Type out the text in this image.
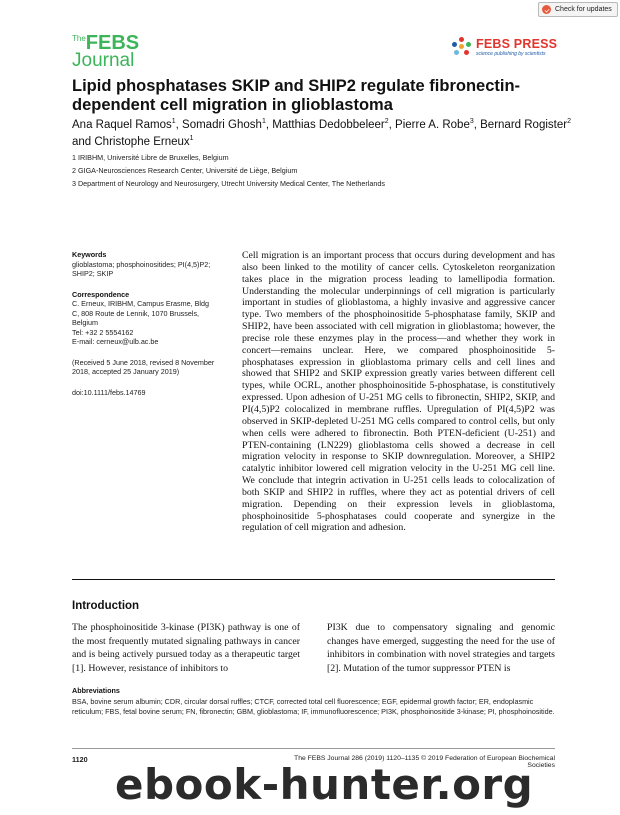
Check for updates
TheFEBS
Journal
FEBS PRESS
science publishing by scientists
Lipid phosphatases SKIP and SHIP2 regulate fibronectin-dependent cell migration in glioblastoma
Ana Raquel Ramos$^1$, Somadri Ghosh$^1$, Matthias Dedobbeleer$^2$, Pierre A. Robe$^3$, Bernard Rogister$^2$ and Christophe Erneux$^1$
1 IRIBHM, Université Libre de Bruxelles, Belgium
2 GIGA-Neurosciences Research Center, Université de Liège, Belgium
3 Department of Neurology and Neurosurgery, Utrecht University Medical Center, The Netherlands

Keywords

glioblastoma; phosphoinositides; PI(4,5)P2; SHIP2; SKIP

Correspondence

C. Erneux, IRIBHM, Campus Erasme, Bldg

C, 808 Route de Lennik, 1070 Brussels,

Belgium

Tel: +32 2 5554162

E-mail: cerneux@ulb.ac.be

(Received 5 June 2018, revised 8 November

2018, accepted 25 January 2019)

doi:10.1111/febs.14769

Cell migration is an important process that occurs during development and has also been linked to the motility of cancer cells. Cytoskeleton reorganization takes place in the migration process leading to lamellipodia formation. Understanding the molecular underpinnings of cell migration is particularly important in studies of glioblastoma, a highly invasive and aggressive cancer type. Two members of the phosphoinositide 5-phosphatase family, SKIP and SHIP2, have been associated with cell migration in glioblastoma; however, the precise role these enzymes play in the process—and whether they work in concert—remains unclear. Here, we compared phosphoinositide 5-phosphatases expression in glioblastoma primary cells and cell lines and showed that SHIP2 and SKIP expression greatly varies between different cell types, while OCRL, another phosphoinositide 5-phosphatase, is constitutively expressed. Upon adhesion of U-251 MG cells to fibronectin, SHIP2, SKIP, and PI(4,5)P2 colocalized in membrane ruffles. Upregulation of PI(4,5)P2 was observed in SKIP-depleted U-251 MG cells compared to control cells, but only when cells were adhered to fibronectin. Both PTEN-deficient (U-251) and PTEN-containing (LN229) glioblastoma cells showed a decrease in cell migration velocity in response to SKIP downregulation. Moreover, a SHIP2 catalytic inhibitor lowered cell migration velocity in the U-251 MG cell line. We conclude that integrin activation in U-251 cells leads to colocalization of both SKIP and SHIP2 in ruffles, where they act as potential drivers of cell migration. Depending on their expression levels in glioblastoma, phosphoinositide 5-phosphatases could cooperate and synergize in the regulation of cell migration and adhesion.
Introduction
The phosphoinositide 3-kinase (PI3K) pathway is one of the most frequently mutated signaling pathways in cancer and is being actively pursued today as a therapeutic target [1]. However, resistance of inhibitors to
PI3K due to compensatory signaling and genomic changes have emerged, suggesting the need for the use of inhibitors in combination with novel strategies and targets [2]. Mutation of the tumor suppressor PTEN is

Abbreviations

BSA, bovine serum albumin; CDR, circular dorsal ruffles; CTCF, corrected total cell fluorescence; EGF, epidermal growth factor; ER, endoplasmic reticulum; FBS, fetal bovine serum; FN, fibronectin; GBM, glioblastoma; IF, immunofluorescence; PI3K, phosphoinositide 3-kinase; PI, phosphoinositide.

1120	The FEBS Journal 286 (2019) 1120–1135 © 2019 Federation of European Biochemical Societies
ebook-hunter.org
